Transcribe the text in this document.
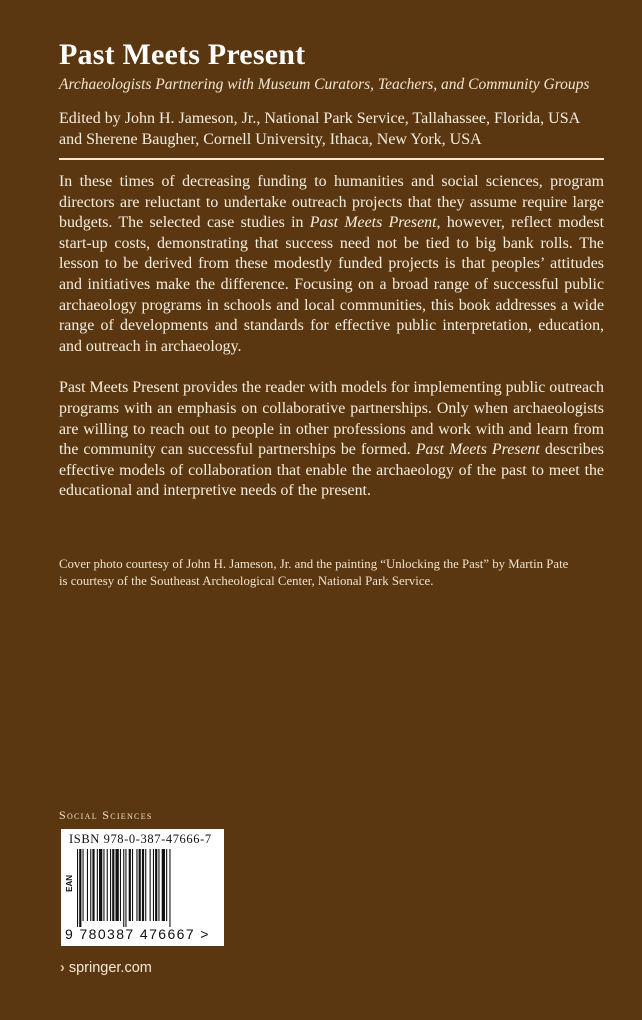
Past Meets Present
Archaeologists Partnering with Museum Curators, Teachers, and Community Groups
Edited by John H. Jameson, Jr., National Park Service, Tallahassee, Florida, USA
and Sherene Baugher, Cornell University, Ithaca, New York, USA

In these times of decreasing funding to humanities and social sciences, program directors are reluctant to undertake outreach projects that they assume require large budgets. The selected case studies in Past Meets Present, however, reflect modest start-up costs, demonstrating that success need not be tied to big bank rolls. The lesson to be derived from these modestly funded projects is that peoples’ attitudes and initiatives make the difference. Focusing on a broad range of successful public archaeology programs in schools and local communities, this book addresses a wide range of developments and standards for effective public interpretation, education, and outreach in archaeology.

Past Meets Present provides the reader with models for implementing public outreach programs with an emphasis on collaborative partnerships. Only when archaeologists are willing to reach out to people in other professions and work with and learn from the community can successful partnerships be formed. Past Meets Present describes effective models of collaboration that enable the archaeology of the past to meet the educational and interpretive needs of the present.

Cover photo courtesy of John H. Jameson, Jr. and the painting “Unlocking the Past” by Martin Pate
is courtesy of the Southeast Archeological Center, National Park Service.
Social Sciences
ISBN 978-0-387-47666-7
EAN
9 780387 476667 >
› springer.com
